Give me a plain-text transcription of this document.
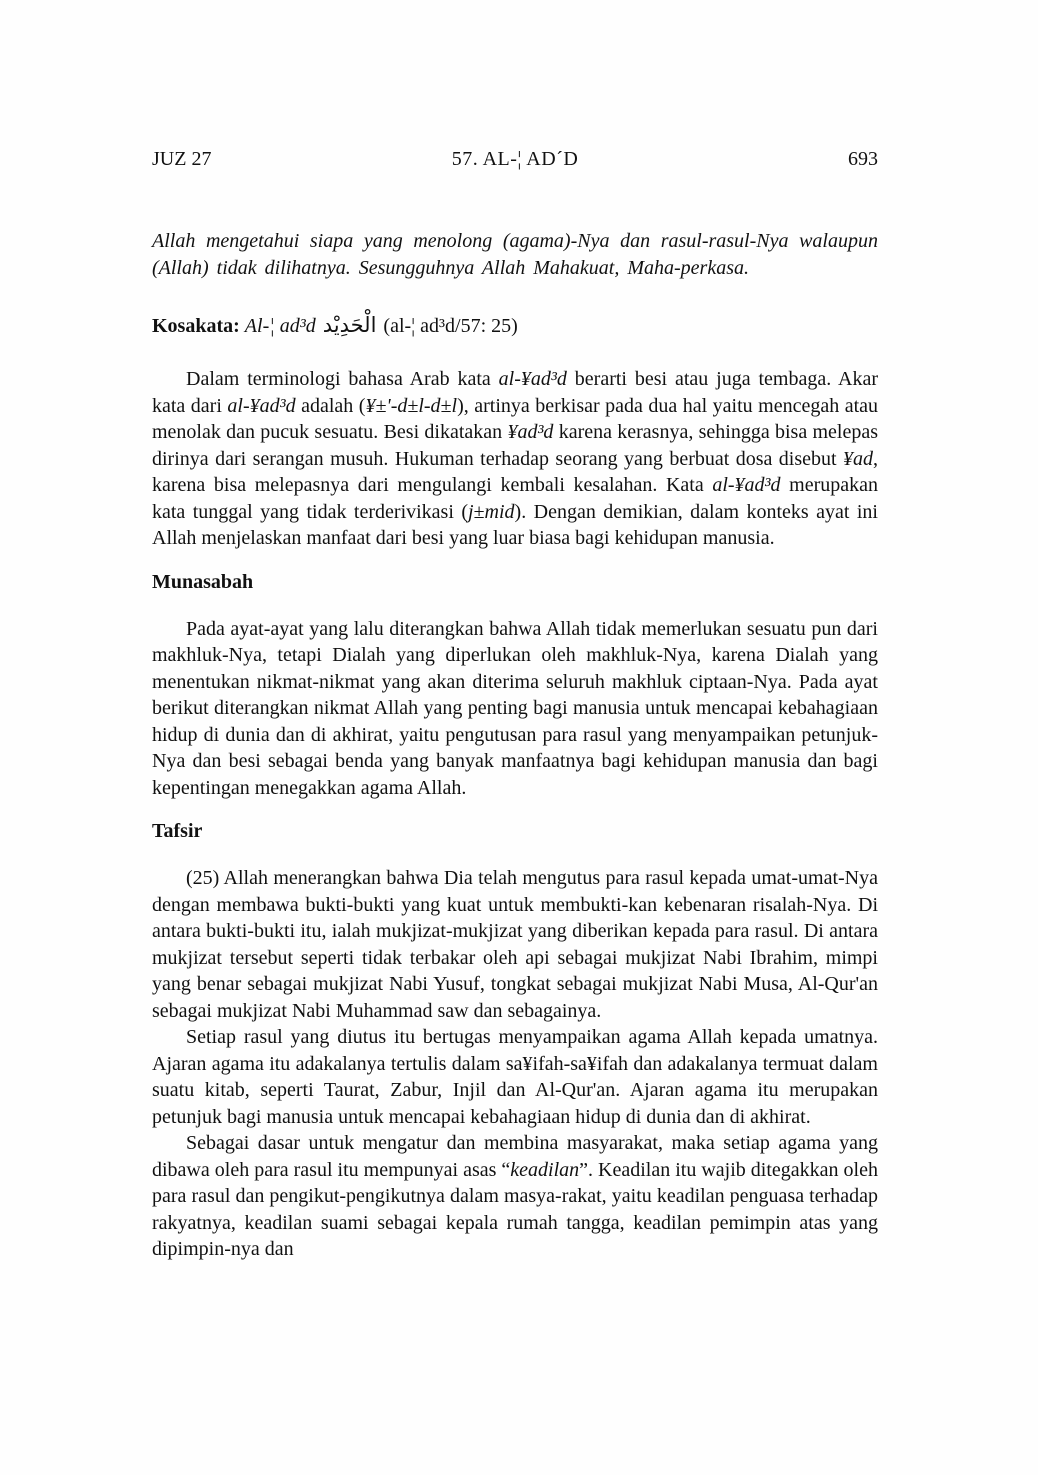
JUZ 27	57. AL-¦ AD´D	693

Allah mengetahui siapa yang menolong (agama)-Nya dan rasul-rasul-Nya walaupun (Allah) tidak dilihatnya. Sesungguhnya Allah Mahakuat, Maha-perkasa.

Kosakata: Al-¦ ad³d الْحَدِيْد (al-¦ ad³d/57: 25)

Dalam terminologi bahasa Arab kata al-¥ad³d berarti besi atau juga tembaga. Akar kata dari al-¥ad³d adalah (¥±'-d±l-d±l), artinya berkisar pada dua hal yaitu mencegah atau menolak dan pucuk sesuatu. Besi dikatakan ¥ad³d karena kerasnya, sehingga bisa melepas dirinya dari serangan musuh. Hukuman terhadap seorang yang berbuat dosa disebut ¥ad, karena bisa melepasnya dari mengulangi kembali kesalahan. Kata al-¥ad³d merupakan kata tunggal yang tidak terderivikasi (j±mid). Dengan demikian, dalam konteks ayat ini Allah menjelaskan manfaat dari besi yang luar biasa bagi kehidupan manusia.

Munasabah

Pada ayat-ayat yang lalu diterangkan bahwa Allah tidak memerlukan sesuatu pun dari makhluk-Nya, tetapi Dialah yang diperlukan oleh makhluk-Nya, karena Dialah yang menentukan nikmat-nikmat yang akan diterima seluruh makhluk ciptaan-Nya. Pada ayat berikut diterangkan nikmat Allah yang penting bagi manusia untuk mencapai kebahagiaan hidup di dunia dan di akhirat, yaitu pengutusan para rasul yang menyampaikan petunjuk-Nya dan besi sebagai benda yang banyak manfaatnya bagi kehidupan manusia dan bagi kepentingan menegakkan agama Allah.

Tafsir

(25) Allah menerangkan bahwa Dia telah mengutus para rasul kepada umat-umat-Nya dengan membawa bukti-bukti yang kuat untuk membukti-kan kebenaran risalah-Nya. Di antara bukti-bukti itu, ialah mukjizat-mukjizat yang diberikan kepada para rasul. Di antara mukjizat tersebut seperti tidak terbakar oleh api sebagai mukjizat Nabi Ibrahim, mimpi yang benar sebagai mukjizat Nabi Yusuf, tongkat sebagai mukjizat Nabi Musa, Al-Qur'an sebagai mukjizat Nabi Muhammad saw dan sebagainya.

Setiap rasul yang diutus itu bertugas menyampaikan agama Allah kepada umatnya. Ajaran agama itu adakalanya tertulis dalam sa¥ifah-sa¥ifah dan adakalanya termuat dalam suatu kitab, seperti Taurat, Zabur, Injil dan Al-Qur'an. Ajaran agama itu merupakan petunjuk bagi manusia untuk mencapai kebahagiaan hidup di dunia dan di akhirat.

Sebagai dasar untuk mengatur dan membina masyarakat, maka setiap agama yang dibawa oleh para rasul itu mempunyai asas “keadilan”. Keadilan itu wajib ditegakkan oleh para rasul dan pengikut-pengikutnya dalam masya-rakat, yaitu keadilan penguasa terhadap rakyatnya, keadilan suami sebagai kepala rumah tangga, keadilan pemimpin atas yang dipimpin-nya dan
